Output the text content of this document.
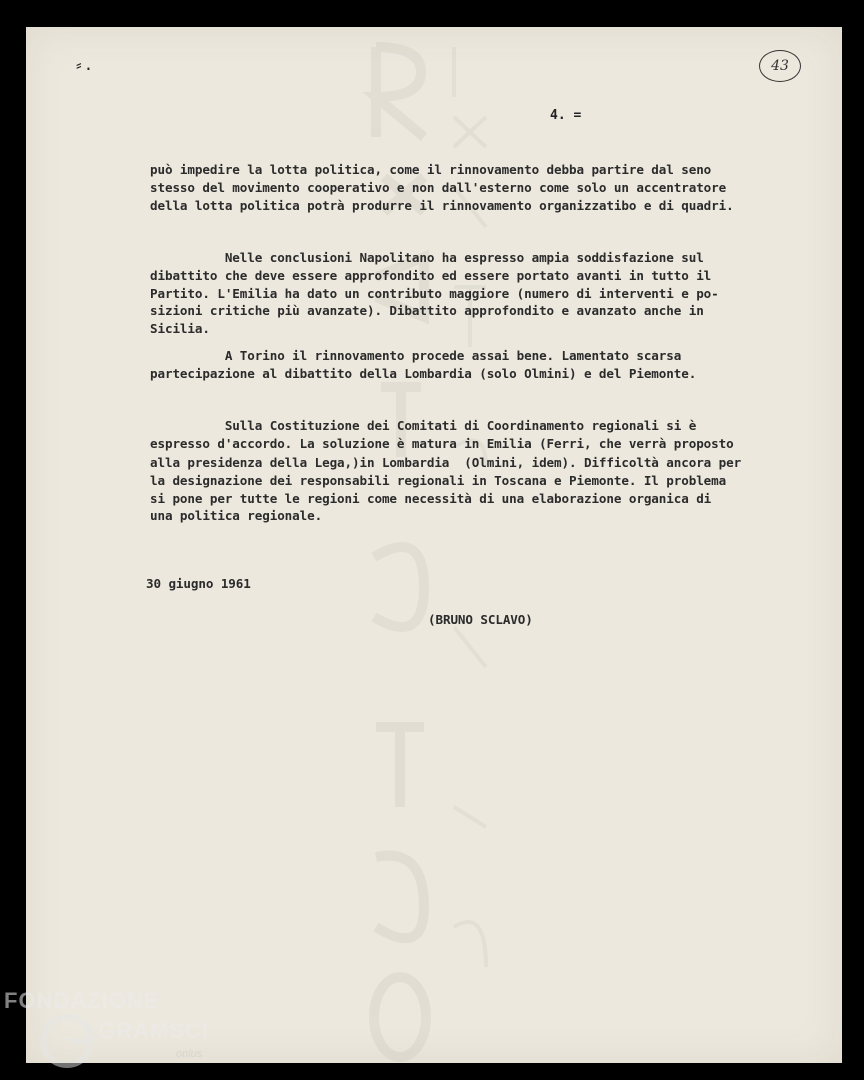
⸗.	43
4. =

può impedire la lotta politica, come il rinnovamento debba partire dal seno

stesso del movimento cooperativo e non dall'esterno come solo un accentratore

della lotta politica potrà produrre il rinnovamento organizzatibo e di quadri.

Nelle conclusioni Napolitano ha espresso ampia soddisfazione sul

dibattito che deve essere approfondito ed essere portato avanti in tutto il

Partito. L'Emilia ha dato un contributo maggiore (numero di interventi e po-

sizioni critiche più avanzate). Dibattito approfondito e avanzato anche in

Sicilia.

A Torino il rinnovamento procede assai bene. Lamentato scarsa

partecipazione al dibattito della Lombardia (solo Olmini) e del Piemonte.

Sulla Costituzione dei Comitati di Coordinamento regionali si è

espresso d'accordo. La soluzione è matura in Emilia (Ferri, che verrà proposto

alla presidenza della Lega,)in Lombardia  (Olmini, idem). Difficoltà ancora per

la designazione dei responsabili regionali in Toscana e Piemonte. Il problema

si pone per tutte le regioni come necessità di una elaborazione organica di

una politica regionale.

30 giugno 1961

(BRUNO SCLAVO)

FONDAZIONE
GRAMSCI
onlus
